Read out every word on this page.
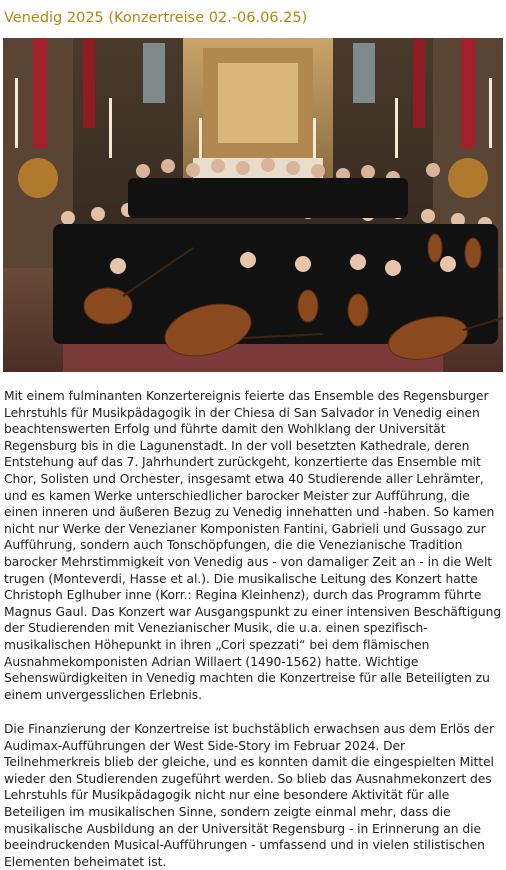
Venedig 2025 (Konzertreise 02.-06.06.25)

Mit einem fulminanten Konzertereignis feierte das Ensemble des Regensburger Lehrstuhls für Musikpädagogik in der Chiesa di San Salvador in Venedig einen beachtenswerten Erfolg und führte damit den Wohlklang der Universität Regensburg bis in die Lagunenstadt. In der voll besetzten Kathedrale, deren Entstehung auf das 7. Jahrhundert zurückgeht, konzertierte das Ensemble mit Chor, Solisten und Orchester, insgesamt etwa 40 Studierende aller Lehrämter, und es kamen Werke unterschiedlicher barocker Meister zur Aufführung, die einen inneren und äußeren Bezug zu Venedig innehatten und -haben. So kamen nicht nur Werke der Venezianer Komponisten Fantini, Gabrieli und Gussago zur Aufführung, sondern auch Tonschöpfungen, die die Venezianische Tradition barocker Mehrstimmigkeit von Venedig aus - von damaliger Zeit an - in die Welt trugen (Monteverdi, Hasse et al.). Die musikalische Leitung des Konzert hatte Christoph Eglhuber inne (Korr.: Regina Kleinhenz), durch das Programm führte Magnus Gaul. Das Konzert war Ausgangspunkt zu einer intensiven Beschäftigung der Studierenden mit Venezianischer Musik, die u.a. einen spezifisch-musikalischen Höhepunkt in ihren „Cori spezzati“ bei dem flämischen Ausnahmekomponisten Adrian Willaert (1490-1562) hatte. Wichtige Sehenswürdigkeiten in Venedig machten die Konzertreise für alle Beteiligten zu einem unvergesslichen Erlebnis.

Die Finanzierung der Konzertreise ist buchstäblich erwachsen aus dem Erlös der Audimax-Aufführungen der West Side-Story im Februar 2024. Der Teilnehmerkreis blieb der gleiche, und es konnten damit die eingespielten Mittel wieder den Studierenden zugeführt werden. So blieb das Ausnahmekonzert des Lehrstuhls für Musikpädagogik nicht nur eine besondere Aktivität für alle Beteiligen im musikalischen Sinne, sondern zeigte einmal mehr, dass die musikalische Ausbildung an der Universität Regensburg - in Erinnerung an die beeindruckenden Musical-Aufführungen - umfassend und in vielen stilistischen Elementen beheimatet ist.
